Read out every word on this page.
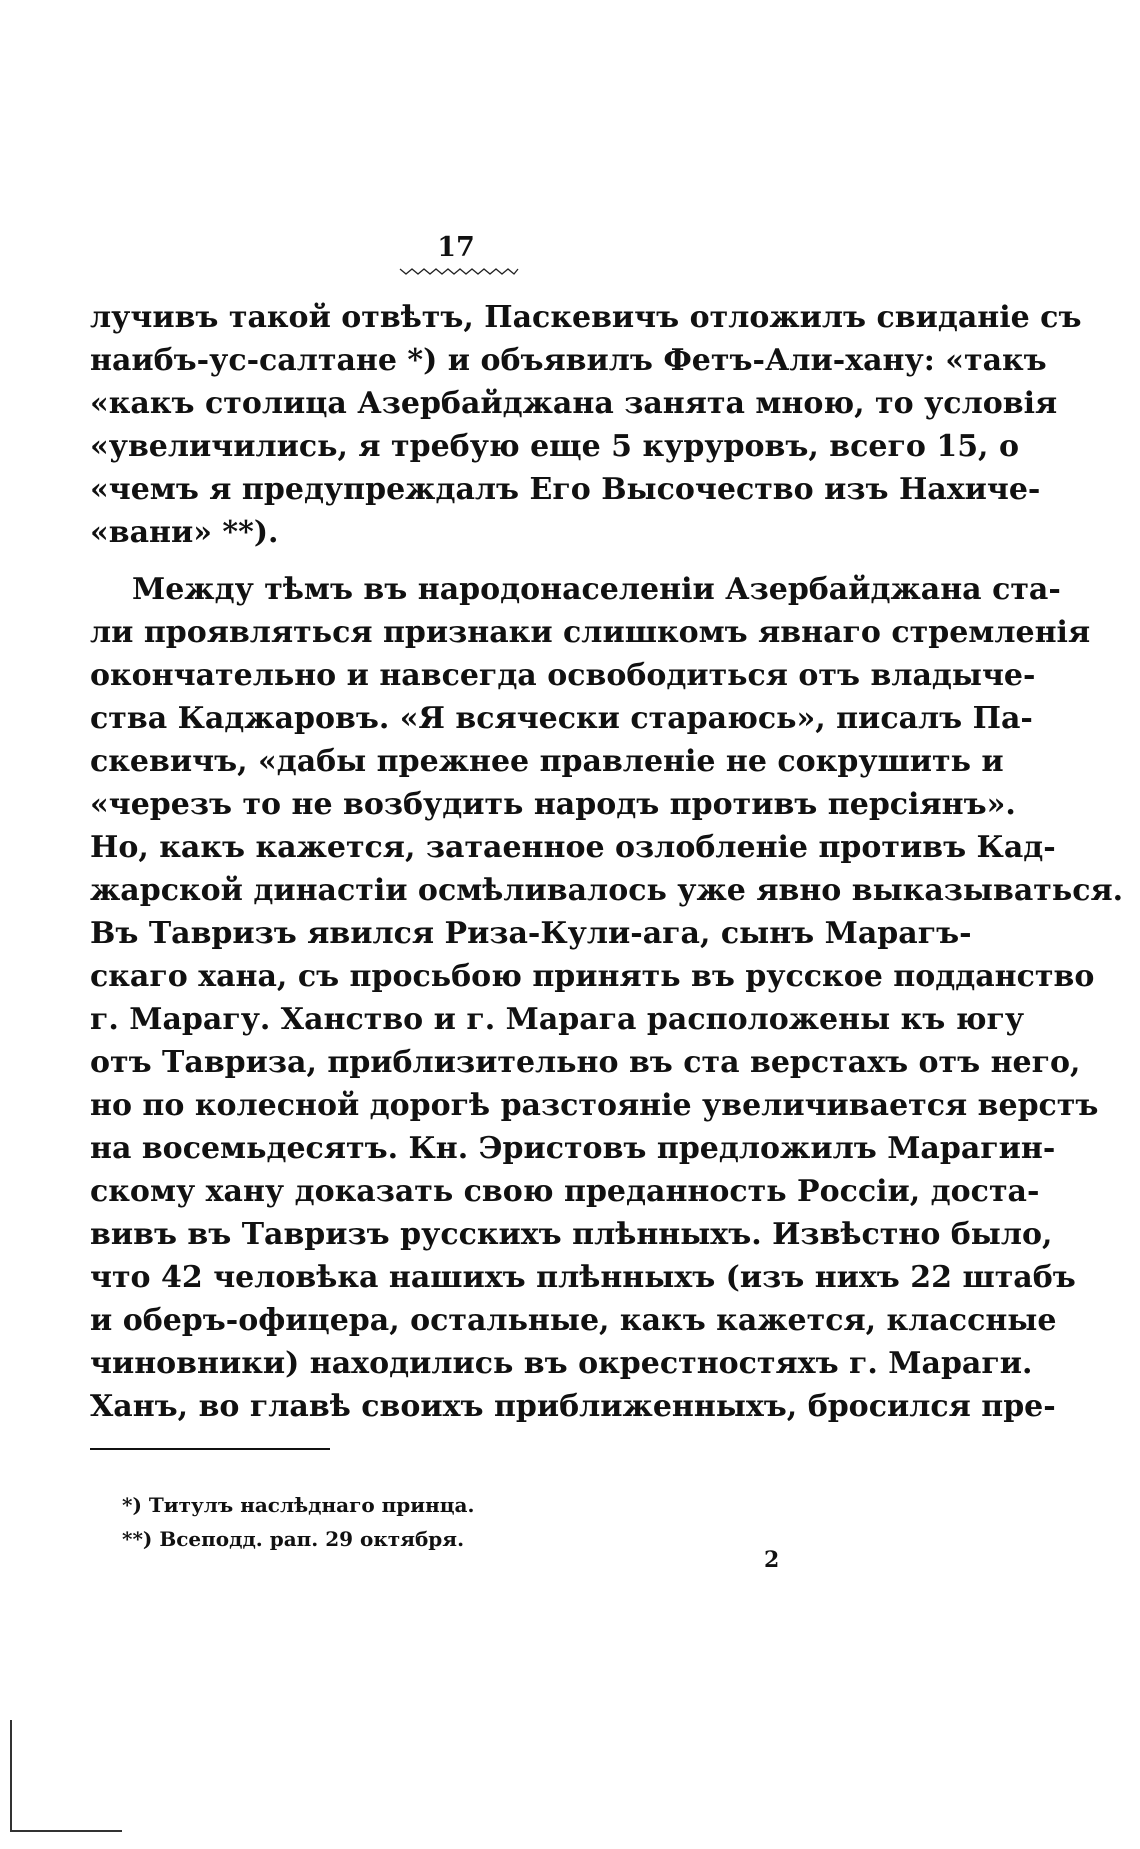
17
лучивъ такой отвѣтъ, Паскевичъ отложилъ свиданіе съ
наибъ-ус-салтане *) и объявилъ Фетъ-Али-хану: «такъ
«какъ столица Азербайджана занята мною, то условія
«увеличились, я требую еще 5 куруровъ, всего 15, о
«чемъ я предупреждалъ Его Высочество изъ Нахиче-
«вани» **).
Между тѣмъ въ народонаселеніи Азербайджана ста-
ли проявляться признаки слишкомъ явнаго стремленія
окончательно и навсегда освободиться отъ владыче-
ства Каджаровъ. «Я всячески стараюсь», писалъ Па-
скевичъ, «дабы прежнее правленіе не сокрушить и
«черезъ то не возбудить народъ противъ персіянъ».
Но, какъ кажется, затаенное озлобленіе противъ Кад-
жарской династіи осмѣливалось уже явно выказываться.
Въ Тавризъ явился Риза-Кули-ага, сынъ Марагъ-
скаго хана, съ просьбою принять въ русское подданство
г. Марагу. Ханство и г. Марага расположены къ югу
отъ Тавриза, приблизительно въ ста верстахъ отъ него,
но по колесной дорогѣ разстояніе увеличивается верстъ
на восемьдесятъ. Кн. Эристовъ предложилъ Марагин-
скому хану доказать свою преданность Россіи, доста-
вивъ въ Тавризъ русскихъ плѣнныхъ. Извѣстно было,
что 42 человѣка нашихъ плѣнныхъ (изъ нихъ 22 штабъ
и оберъ-офицера, остальные, какъ кажется, классные
чиновники) находились въ окрестностяхъ г. Мараги.
Ханъ, во главѣ своихъ приближенныхъ, бросился пре-
*) Титулъ наслѣднаго принца.
**) Всеподд. рап. 29 октября.
2
